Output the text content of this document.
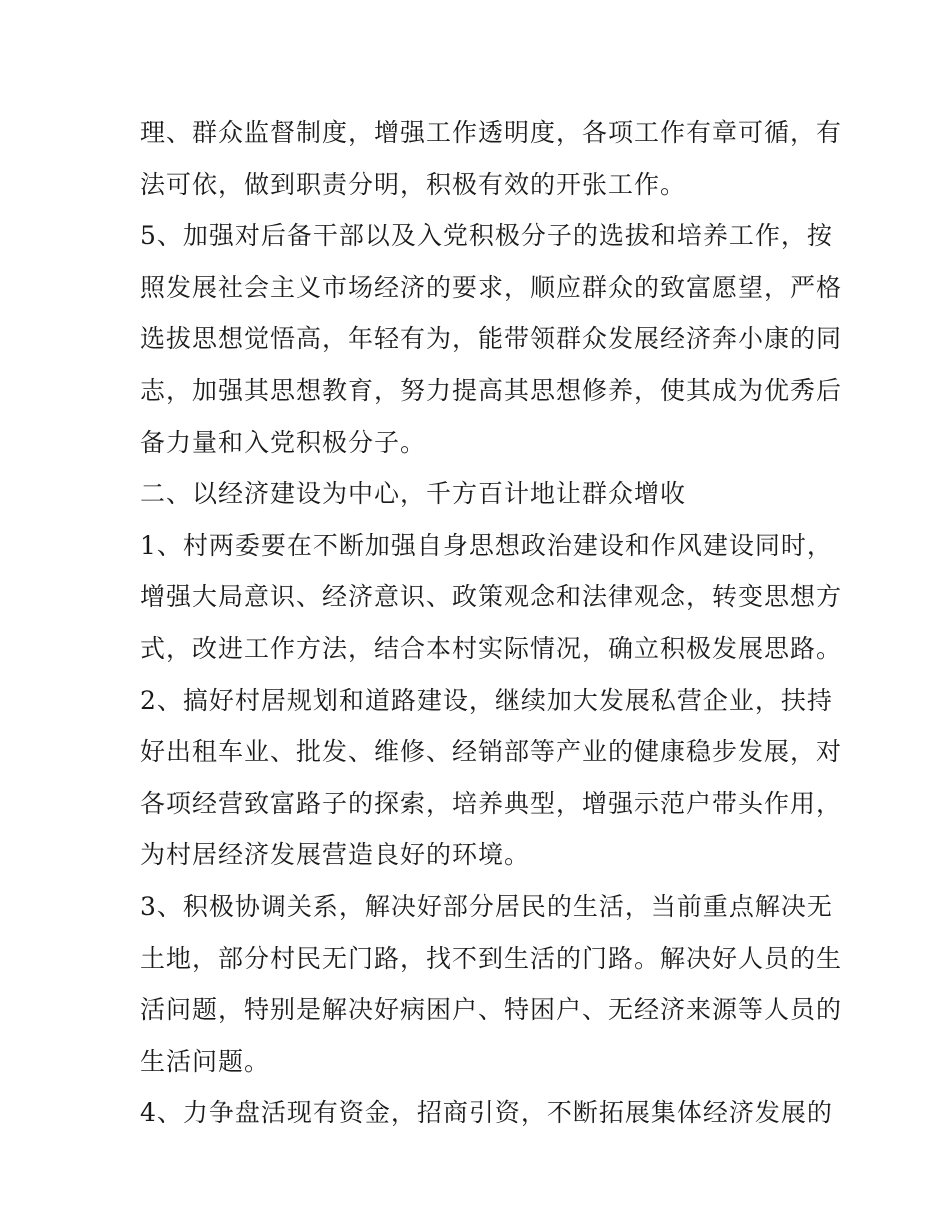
理、群众监督制度，增强工作透明度，各项工作有章可循，有
法可依，做到职责分明，积极有效的开张工作。
5、加强对后备干部以及入党积极分子的选拔和培养工作，按
照发展社会主义市场经济的要求，顺应群众的致富愿望，严格
选拔思想觉悟高，年轻有为，能带领群众发展经济奔小康的同
志，加强其思想教育，努力提高其思想修养，使其成为优秀后
备力量和入党积极分子。
二、以经济建设为中心，千方百计地让群众增收
1、村两委要在不断加强自身思想政治建设和作风建设同时，
增强大局意识、经济意识、政策观念和法律观念，转变思想方
式，改进工作方法，结合本村实际情况，确立积极发展思路。
2、搞好村居规划和道路建设，继续加大发展私营企业，扶持
好出租车业、批发、维修、经销部等产业的健康稳步发展，对
各项经营致富路子的探索，培养典型，增强示范户带头作用，
为村居经济发展营造良好的环境。
3、积极协调关系，解决好部分居民的生活，当前重点解决无
土地，部分村民无门路，找不到生活的门路。解决好人员的生
活问题，特别是解决好病困户、特困户、无经济来源等人员的
生活问题。
4、力争盘活现有资金，招商引资，不断拓展集体经济发展的
